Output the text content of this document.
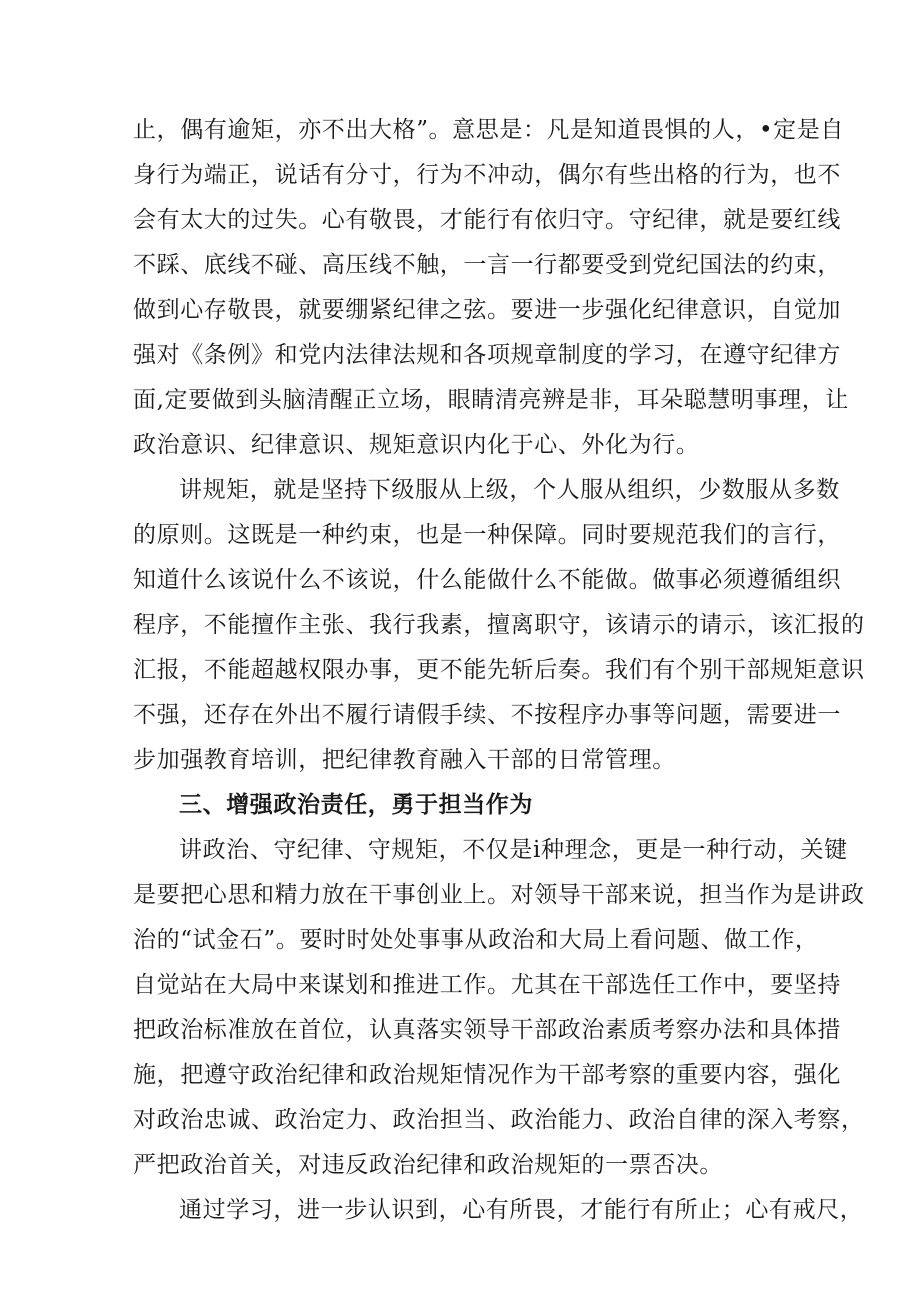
止，偶有逾矩，亦不出大格”。意思是：凡是知道畏惧的人，•定是自
身行为端正，说话有分寸，行为不冲动，偶尔有些出格的行为，也不
会有太大的过失。心有敬畏，才能行有依归守。守纪律，就是要红线
不踩、底线不碰、高压线不触，一言一行都要受到党纪国法的约束，
做到心存敬畏，就要绷紧纪律之弦。要进一步强化纪律意识，自觉加
强对《条例》和党内法律法规和各项规章制度的学习，在遵守纪律方
面,定要做到头脑清醒正立场，眼睛清亮辨是非，耳朵聪慧明事理，让
政治意识、纪律意识、规矩意识内化于心、外化为行。
讲规矩，就是坚持下级服从上级，个人服从组织，少数服从多数
的原则。这既是一种约束，也是一种保障。同时要规范我们的言行，
知道什么该说什么不该说，什么能做什么不能做。做事必须遵循组织
程序，不能擅作主张、我行我素，擅离职守，该请示的请示，该汇报的
汇报，不能超越权限办事，更不能先斩后奏。我们有个别干部规矩意识
不强，还存在外出不履行请假手续、不按程序办事等问题，需要进一
步加强教育培训，把纪律教育融入干部的日常管理。
三、增强政治责任，勇于担当作为
讲政治、守纪律、守规矩，不仅是i种理念，更是一种行动，关键
是要把心思和精力放在干事创业上。对领导干部来说，担当作为是讲政
治的“试金石”。要时时处处事事从政治和大局上看问题、做工作，
自觉站在大局中来谋划和推进工作。尤其在干部选任工作中，要坚持
把政治标准放在首位，认真落实领导干部政治素质考察办法和具体措
施，把遵守政治纪律和政治规矩情况作为干部考察的重要内容，强化
对政治忠诚、政治定力、政治担当、政治能力、政治自律的深入考察，
严把政治首关，对违反政治纪律和政治规矩的一票否决。
通过学习，进一步认识到，心有所畏，才能行有所止；心有戒尺，
